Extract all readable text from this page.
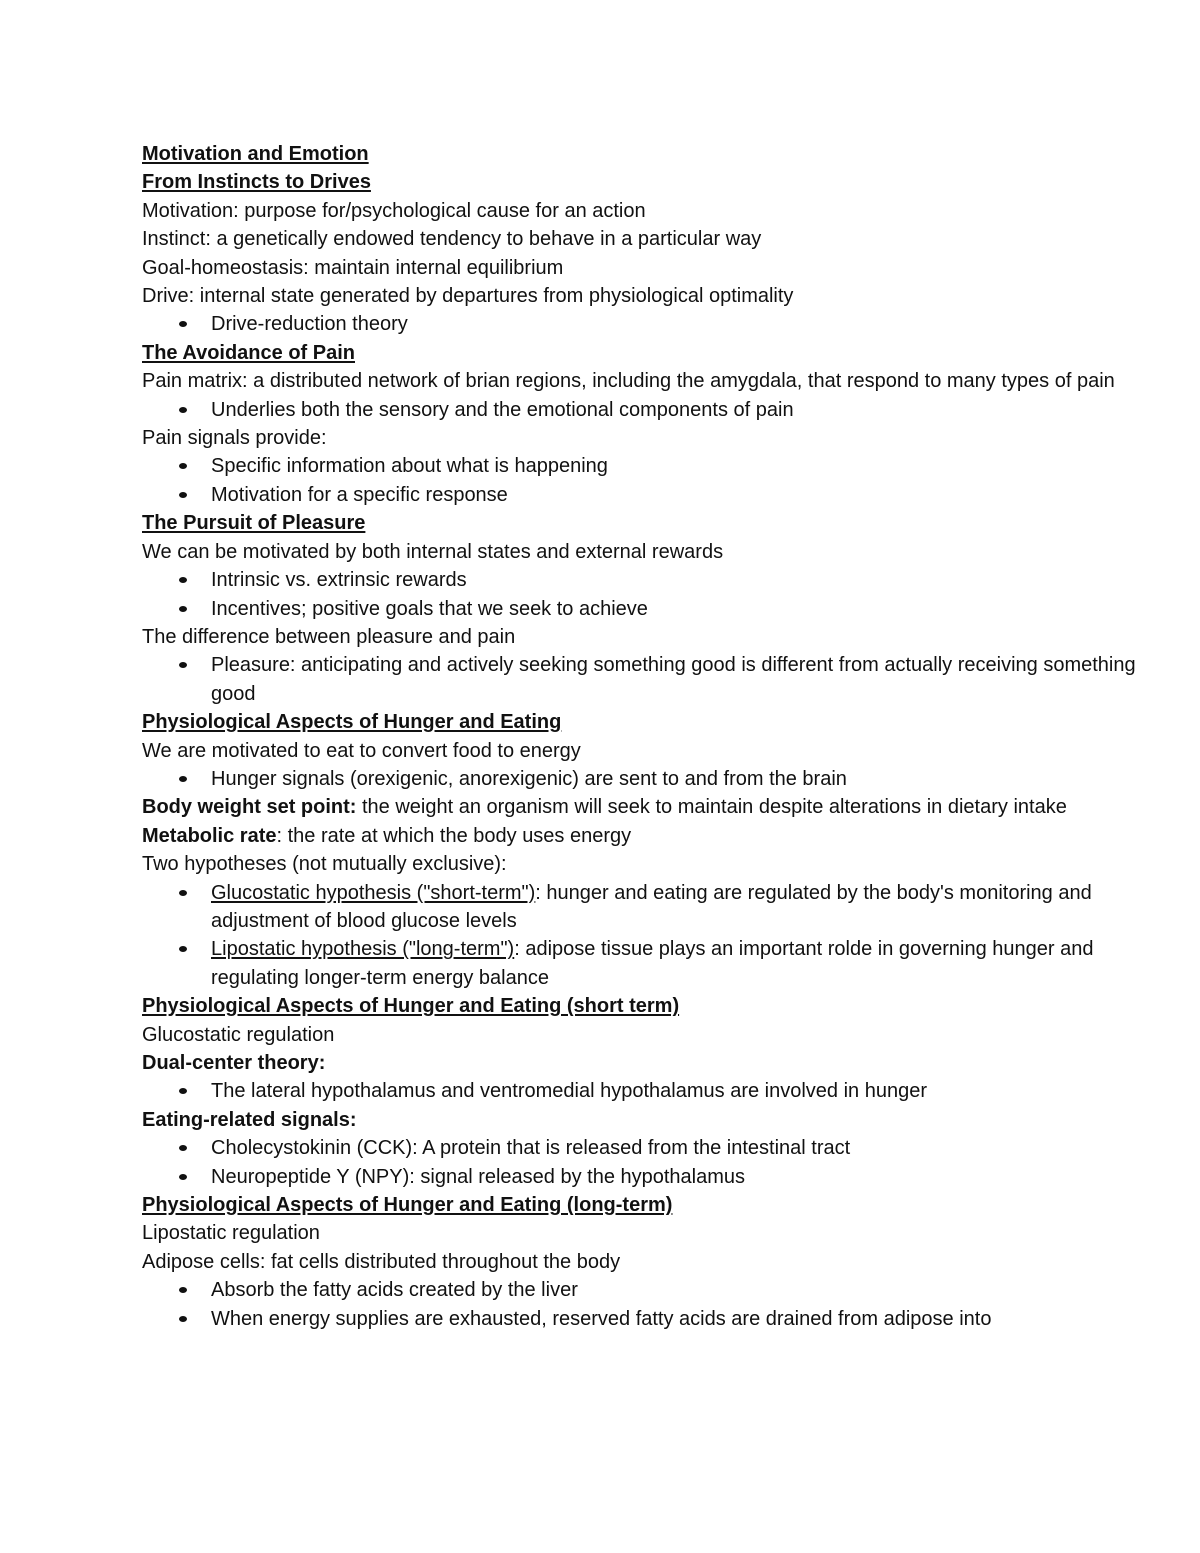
Motivation and Emotion

From Instincts to Drives

Motivation: purpose for/psychological cause for an action

Instinct: a genetically endowed tendency to behave in a particular way

Goal-homeostasis: maintain internal equilibrium

Drive: internal state generated by departures from physiological optimality

Drive-reduction theory

The Avoidance of Pain

Pain matrix: a distributed network of brian regions, including the amygdala, that respond to many types of pain

Underlies both the sensory and the emotional components of pain

Pain signals provide:

Specific information about what is happening
Motivation for a specific response

The Pursuit of Pleasure

We can be motivated by both internal states and external rewards

Intrinsic vs. extrinsic rewards
Incentives; positive goals that we seek to achieve

The difference between pleasure and pain

Pleasure: anticipating and actively seeking something good is different from actually receiving something good

Physiological Aspects of Hunger and Eating

We are motivated to eat to convert food to energy

Hunger signals (orexigenic, anorexigenic) are sent to and from the brain

Body weight set point: the weight an organism will seek to maintain despite alterations in dietary intake

Metabolic rate: the rate at which the body uses energy

Two hypotheses (not mutually exclusive):

Glucostatic hypothesis ("short-term"): hunger and eating are regulated by the body's monitoring and adjustment of blood glucose levels
Lipostatic hypothesis ("long-term"): adipose tissue plays an important rolde in governing hunger and regulating longer-term energy balance

Physiological Aspects of Hunger and Eating (short term)

Glucostatic regulation

Dual-center theory:

The lateral hypothalamus and ventromedial hypothalamus are involved in hunger

Eating-related signals:

Cholecystokinin (CCK): A protein that is released from the intestinal tract
Neuropeptide Y (NPY): signal released by the hypothalamus

Physiological Aspects of Hunger and Eating (long-term)

Lipostatic regulation

Adipose cells: fat cells distributed throughout the body

Absorb the fatty acids created by the liver
When energy supplies are exhausted, reserved fatty acids are drained from adipose into
